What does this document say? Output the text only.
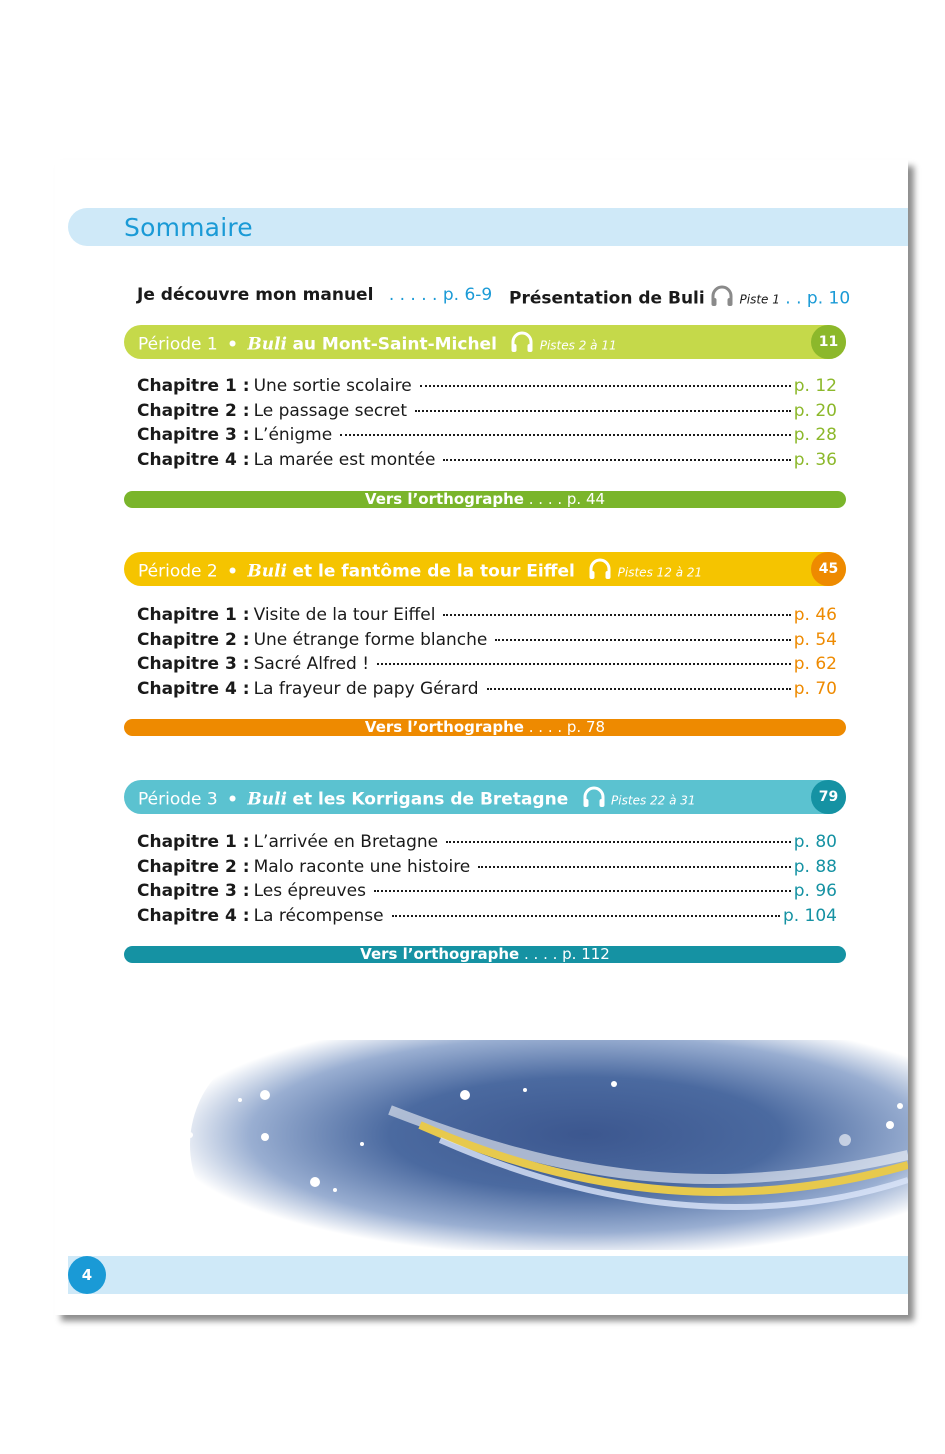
Sommaire
Je découvre mon manuel . . . . . p. 6-9 Présentation de Buli	Piste 1 . . p. 10
Période 1 • Buli au Mont-Saint-Michel	Pistes 2 à 11	11
Chapitre 1 : Une sortie scolaire	p. 12
Chapitre 2 : Le passage secret	p. 20
Chapitre 3 : L’énigme	p. 28
Chapitre 4 : La marée est montée	p. 36
Vers l’orthographe . . . . p. 44
Période 2 • Buli et le fantôme de la tour Eiffel	Pistes 12 à 21	45
Chapitre 1 : Visite de la tour Eiffel	p. 46
Chapitre 2 : Une étrange forme blanche	p. 54
Chapitre 3 : Sacré Alfred !	p. 62
Chapitre 4 : La frayeur de papy Gérard	p. 70
Vers l’orthographe . . . . p. 78
Période 3 • Buli et les Korrigans de Bretagne	Pistes 22 à 31	79
Chapitre 1 : L’arrivée en Bretagne	p. 80
Chapitre 2 : Malo raconte une histoire	p. 88
Chapitre 3 : Les épreuves	p. 96
Chapitre 4 : La récompense	p. 104
Vers l’orthographe . . . . p. 112
4
